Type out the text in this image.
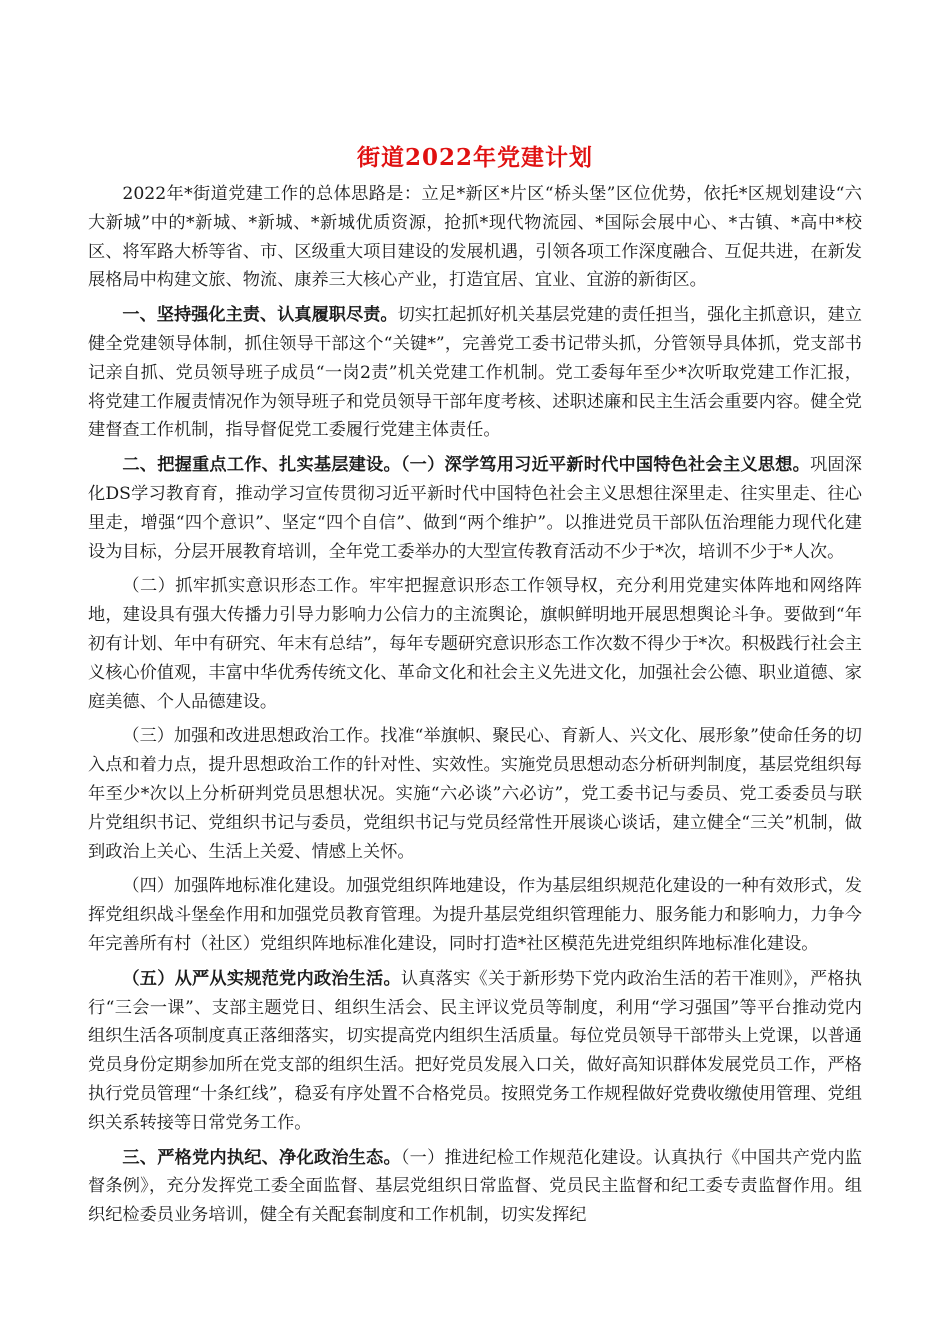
街道2022年党建计划

2022年*街道党建工作的总体思路是：立足*新区*片区“桥头堡”区位优势，依托*区规划建设“六大新城”中的*新城、*新城、*新城优质资源，抢抓*现代物流园、*国际会展中心、*古镇、*高中*校区、将军路大桥等省、市、区级重大项目建设的发展机遇，引领各项工作深度融合、互促共进，在新发展格局中构建文旅、物流、康养三大核心产业，打造宜居、宜业、宜游的新街区。

一、坚持强化主责、认真履职尽责。切实扛起抓好机关基层党建的责任担当，强化主抓意识，建立健全党建领导体制，抓住领导干部这个“关键*”，完善党工委书记带头抓，分管领导具体抓，党支部书记亲自抓、党员领导班子成员“一岗2责”机关党建工作机制。党工委每年至少*次听取党建工作汇报，将党建工作履责情况作为领导班子和党员领导干部年度考核、述职述廉和民主生活会重要内容。健全党建督查工作机制，指导督促党工委履行党建主体责任。

二、把握重点工作、扎实基层建设。（一）深学笃用习近平新时代中国特色社会主义思想。巩固深化DS学习教育育，推动学习宣传贯彻习近平新时代中国特色社会主义思想往深里走、往实里走、往心里走，增强“四个意识”、坚定“四个自信”、做到“两个维护”。以推进党员干部队伍治理能力现代化建设为目标，分层开展教育培训，全年党工委举办的大型宣传教育活动不少于*次，培训不少于*人次。

（二）抓牢抓实意识形态工作。牢牢把握意识形态工作领导权，充分利用党建实体阵地和网络阵地，建设具有强大传播力引导力影响力公信力的主流舆论，旗帜鲜明地开展思想舆论斗争。要做到“年初有计划、年中有研究、年末有总结”，每年专题研究意识形态工作次数不得少于*次。积极践行社会主义核心价值观，丰富中华优秀传统文化、革命文化和社会主义先进文化，加强社会公德、职业道德、家庭美德、个人品德建设。

（三）加强和改进思想政治工作。找准“举旗帜、聚民心、育新人、兴文化、展形象”使命任务的切入点和着力点，提升思想政治工作的针对性、实效性。实施党员思想动态分析研判制度，基层党组织每年至少*次以上分析研判党员思想状况。实施“六必谈”六必访”，党工委书记与委员、党工委委员与联片党组织书记、党组织书记与委员，党组织书记与党员经常性开展谈心谈话，建立健全“三关”机制，做到政治上关心、生活上关爱、情感上关怀。

（四）加强阵地标准化建设。加强党组织阵地建设，作为基层组织规范化建设的一种有效形式，发挥党组织战斗堡垒作用和加强党员教育管理。为提升基层党组织管理能力、服务能力和影响力，力争今年完善所有村（社区）党组织阵地标准化建设，同时打造*社区模范先进党组织阵地标准化建设。

（五）从严从实规范党内政治生活。认真落实《关于新形势下党内政治生活的若干准则》，严格执行“三会一课”、支部主题党日、组织生活会、民主评议党员等制度，利用“学习强国”等平台推动党内组织生活各项制度真正落细落实，切实提高党内组织生活质量。每位党员领导干部带头上党课，以普通党员身份定期参加所在党支部的组织生活。把好党员发展入口关，做好高知识群体发展党员工作，严格执行党员管理“十条红线”，稳妥有序处置不合格党员。按照党务工作规程做好党费收缴使用管理、党组织关系转接等日常党务工作。

三、严格党内执纪、净化政治生态。（一）推进纪检工作规范化建设。认真执行《中国共产党内监督条例》，充分发挥党工委全面监督、基层党组织日常监督、党员民主监督和纪工委专责监督作用。组织纪检委员业务培训，健全有关配套制度和工作机制，切实发挥纪
